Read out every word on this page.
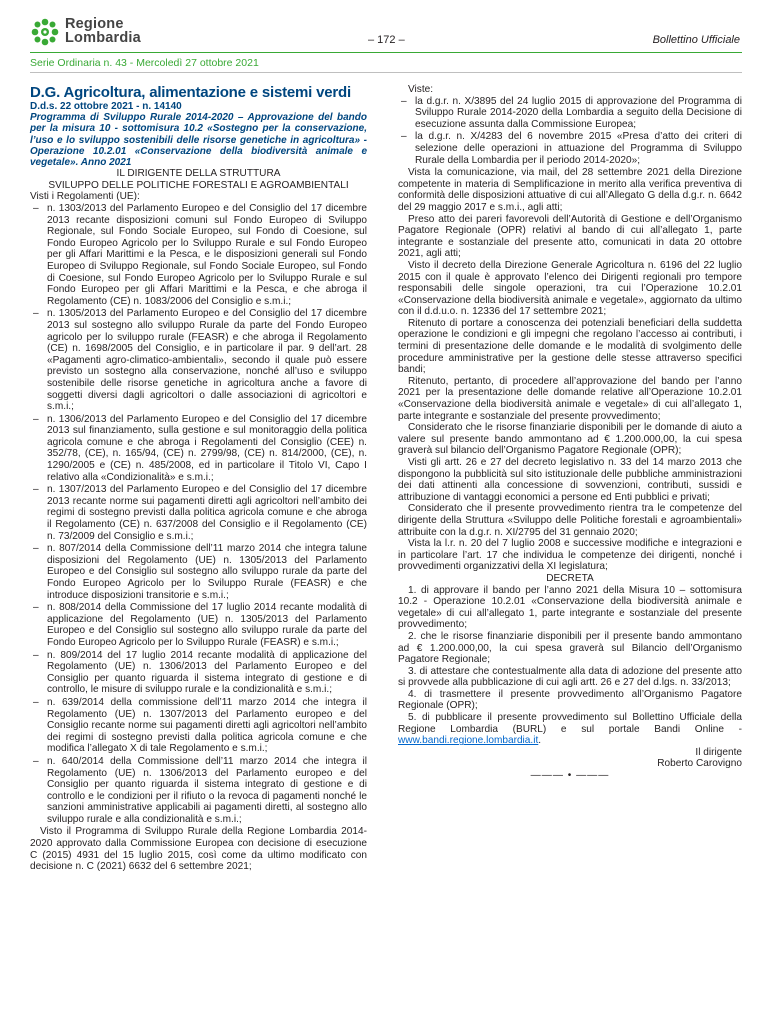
Regione
Lombardia	– 172 –	Bollettino Ufficiale
Serie Ordinaria n. 43 - Mercoledì 27 ottobre 2021

D.G. Agricoltura, alimentazione e sistemi verdi

D.d.s. 22 ottobre 2021 - n. 14140
Programma di Sviluppo Rurale 2014-2020 – Approvazione del bando per la misura 10 - sottomisura 10.2 «Sostegno per la conservazione, l’uso e lo sviluppo sostenibili delle risorse genetiche in agricoltura» - Operazione 10.2.01 «Conservazione della biodiversità animale e vegetale». Anno 2021

IL DIRIGENTE DELLA STRUTTURA

SVILUPPO DELLE POLITICHE FORESTALI E AGROAMBIENTALI

Visti i Regolamenti (UE):

– n. 1303/2013 del Parlamento Europeo e del Consiglio del 17 dicembre 2013 recante disposizioni comuni sul Fondo Europeo di Sviluppo Regionale, sul Fondo Sociale Europeo, sul Fondo di Coesione, sul Fondo Europeo Agricolo per lo Sviluppo Rurale e sul Fondo Europeo per gli Affari Marittimi e la Pesca, e le disposizioni generali sul Fondo Europeo di Sviluppo Regionale, sul Fondo Sociale Europeo, sul Fondo di Coesione, sul Fondo Europeo Agricolo per lo Sviluppo Rurale e sul Fondo Europeo per gli Affari Marittimi e la Pesca, e che abroga il Regolamento (CE) n. 1083/2006 del Consiglio e s.m.i.;
– n. 1305/2013 del Parlamento Europeo e del Consiglio del 17 dicembre 2013 sul sostegno allo sviluppo Rurale da parte del Fondo Europeo agricolo per lo sviluppo rurale (FEASR) e che abroga il Regolamento (CE) n. 1698/2005 del Consiglio, e in particolare il par. 9 dell’art. 28 «Pagamenti agro-climatico-ambientali», secondo il quale può essere previsto un sostegno alla conservazione, nonché all’uso e sviluppo sostenibile delle risorse genetiche in agricoltura anche a favore di soggetti diversi dagli agricoltori o dalle associazioni di agricoltori e s.m.i.;
– n. 1306/2013 del Parlamento Europeo e del Consiglio del 17 dicembre 2013 sul finanziamento, sulla gestione e sul monitoraggio della politica agricola comune e che abroga i Regolamenti del Consiglio (CEE) n. 352/78, (CE), n. 165/94, (CE) n. 2799/98, (CE) n. 814/2000, (CE), n. 1290/2005 e (CE) n. 485/2008, ed in particolare il Titolo VI, Capo I relativo alla «Condizionalità» e s.m.i.;
– n. 1307/2013 del Parlamento Europeo e del Consiglio del 17 dicembre 2013 recante norme sui pagamenti diretti agli agricoltori nell’ambito dei regimi di sostegno previsti dalla politica agricola comune e che abroga il Regolamento (CE) n. 637/2008 del Consiglio e il Regolamento (CE) n. 73/2009 del Consiglio e s.m.i.;
– n. 807/2014 della Commissione dell’11 marzo 2014 che integra talune disposizioni del Regolamento (UE) n. 1305/2013 del Parlamento Europeo e del Consiglio sul sostegno allo sviluppo rurale da parte del Fondo Europeo Agricolo per lo Sviluppo Rurale (FEASR) e che introduce disposizioni transitorie e s.m.i.;
– n. 808/2014 della Commissione del 17 luglio 2014 recante modalità di applicazione del Regolamento (UE) n. 1305/2013 del Parlamento Europeo e del Consiglio sul sostegno allo sviluppo rurale da parte del Fondo Europeo Agricolo per lo Sviluppo Rurale (FEASR) e s.m.i.;
– n. 809/2014 del 17 luglio 2014 recante modalità di applicazione del Regolamento (UE) n. 1306/2013 del Parlamento Europeo e del Consiglio per quanto riguarda il sistema integrato di gestione e di controllo, le misure di sviluppo rurale e la condizionalità e s.m.i.;
– n. 639/2014 della commissione dell’11 marzo 2014 che integra il Regolamento (UE) n. 1307/2013 del Parlamento europeo e del Consiglio recante norme sui pagamenti diretti agli agricoltori nell’ambito dei regimi di sostegno previsti dalla politica agricola comune e che modifica l’allegato X di tale Regolamento e s.m.i.;
– n. 640/2014 della Commissione dell’11 marzo 2014 che integra il Regolamento (UE) n. 1306/2013 del Parlamento europeo e del Consiglio per quanto riguarda il sistema integrato di gestione e di controllo e le condizioni per il rifiuto o la revoca di pagamenti nonché le sanzioni amministrative applicabili ai pagamenti diretti, al sostegno allo sviluppo rurale e alla condizionalità e s.m.i.;

Visto il Programma di Sviluppo Rurale della Regione Lombardia 2014-2020 approvato dalla Commissione Europea con decisione di esecuzione C (2015) 4931 del 15 luglio 2015, così come da ultimo modificato con decisione n. C (2021) 6632 del 6 settembre 2021;

Viste:

– la d.g.r. n. X/3895 del 24 luglio 2015 di approvazione del Programma di Sviluppo Rurale 2014-2020 della Lombardia a seguito della Decisione di esecuzione assunta dalla Commissione Europea;
– la d.g.r. n. X/4283 del 6 novembre 2015 «Presa d’atto dei criteri di selezione delle operazioni in attuazione del Programma di Sviluppo Rurale della Lombardia per il periodo 2014-2020»;

Vista la comunicazione, via mail, del 28 settembre 2021 della Direzione competente in materia di Semplificazione in merito alla verifica preventiva di conformità delle disposizioni attuative di cui all’Allegato G della d.g.r. n. 6642 del 29 maggio 2017 e s.m.i., agli atti;

Preso atto dei pareri favorevoli dell’Autorità di Gestione e dell’Organismo Pagatore Regionale (OPR) relativi al bando di cui all’allegato 1, parte integrante e sostanziale del presente atto, comunicati in data 20 ottobre 2021, agli atti;

Visto il decreto della Direzione Generale Agricoltura n. 6196 del 22 luglio 2015 con il quale è approvato l’elenco dei Dirigenti regionali pro tempore responsabili delle singole operazioni, tra cui l’Operazione 10.2.01 «Conservazione della biodiversità animale e vegetale», aggiornato da ultimo con il d.d.u.o. n. 12336 del 17 settembre 2021;

Ritenuto di portare a conoscenza dei potenziali beneficiari della suddetta operazione le condizioni e gli impegni che regolano l’accesso ai contributi, i termini di presentazione delle domande e le modalità di svolgimento delle procedure amministrative per la gestione delle stesse attraverso specifici bandi;

Ritenuto, pertanto, di procedere all’approvazione del bando per l’anno 2021 per la presentazione delle domande relative all’Operazione 10.2.01 «Conservazione della biodiversità animale e vegetale» di cui all’allegato 1, parte integrante e sostanziale del presente provvedimento;

Considerato che le risorse finanziarie disponibili per le domande di aiuto a valere sul presente bando ammontano ad € 1.200.000,00, la cui spesa graverà sul bilancio dell’Organismo Pagatore Regionale (OPR);

Visti gli artt. 26 e 27 del decreto legislativo n. 33 del 14 marzo 2013 che dispongono la pubblicità sul sito istituzionale delle pubbliche amministrazioni dei dati attinenti alla concessione di sovvenzioni, contributi, sussidi e attribuzione di vantaggi economici a persone ed Enti pubblici e privati;

Considerato che il presente provvedimento rientra tra le competenze del dirigente della Struttura «Sviluppo delle Politiche forestali e agroambientali» attribuite con la d.g.r. n. XI/2795 del 31 gennaio 2020;

Vista la l.r. n. 20 del 7 luglio 2008 e successive modifiche e integrazioni e in particolare l’art. 17 che individua le competenze dei dirigenti, nonché i provvedimenti organizzativi della XI legislatura;

DECRETA

1. di approvare il bando per l’anno 2021 della Misura 10 – sottomisura 10.2 - Operazione 10.2.01 «Conservazione della biodiversità animale e vegetale» di cui all’allegato 1, parte integrante e sostanziale del presente provvedimento;

2. che le risorse finanziarie disponibili per il presente bando ammontano ad € 1.200.000,00, la cui spesa graverà sul Bilancio dell’Organismo Pagatore Regionale;

3. di attestare che contestualmente alla data di adozione del presente atto si provvede alla pubblicazione di cui agli artt. 26 e 27 del d.lgs. n. 33/2013;

4. di trasmettere il presente provvedimento all’Organismo Pagatore Regionale (OPR);

5. di pubblicare il presente provvedimento sul Bollettino Ufficiale della Regione Lombardia (BURL) e sul portale Bandi Online - www.bandi.regione.lombardia.it.

Il dirigente
Roberto Carovigno

——— • ———
